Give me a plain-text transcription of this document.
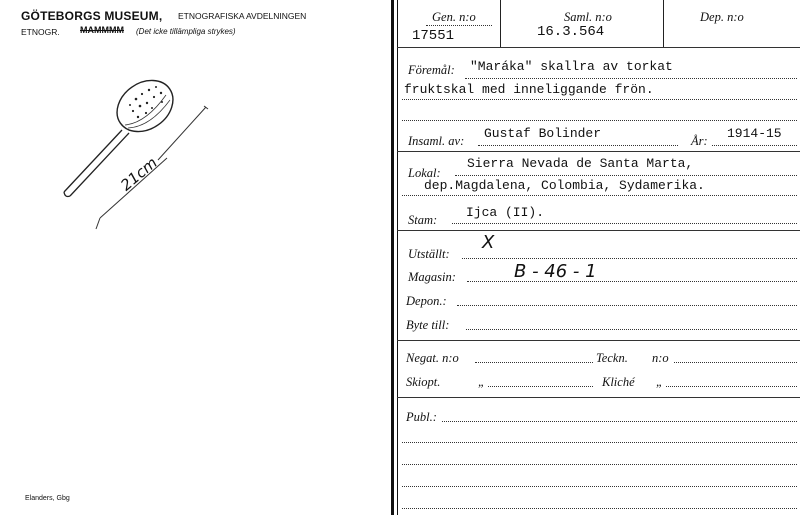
GÖTEBORGS MUSEUM, ETNOGRAFISKA AVDELNINGEN
ETNOGR. MAMMMM (Det icke tillämpliga strykes)
21cm
Elanders, Gbg
Gen. n:o
17551
Saml. n:o
16.3.564
Dep. n:o
Föremål: "Maráka" skallra av torkat
fruktskal med inneliggande frön.
Insaml. av: Gustaf Bolinder	År: 1914-15
Lokal:
Sierra Nevada de Santa Marta,
dep.Magdalena, Colombia, Sydamerika.
Stam: Ijca (II).
Utställt:
X
Magasin:	B - 46 - 1
Depon.:
Byte till:
Negat. n:o	Teckn. n:o
Skiopt.	„	Kliché „
Publ.:
